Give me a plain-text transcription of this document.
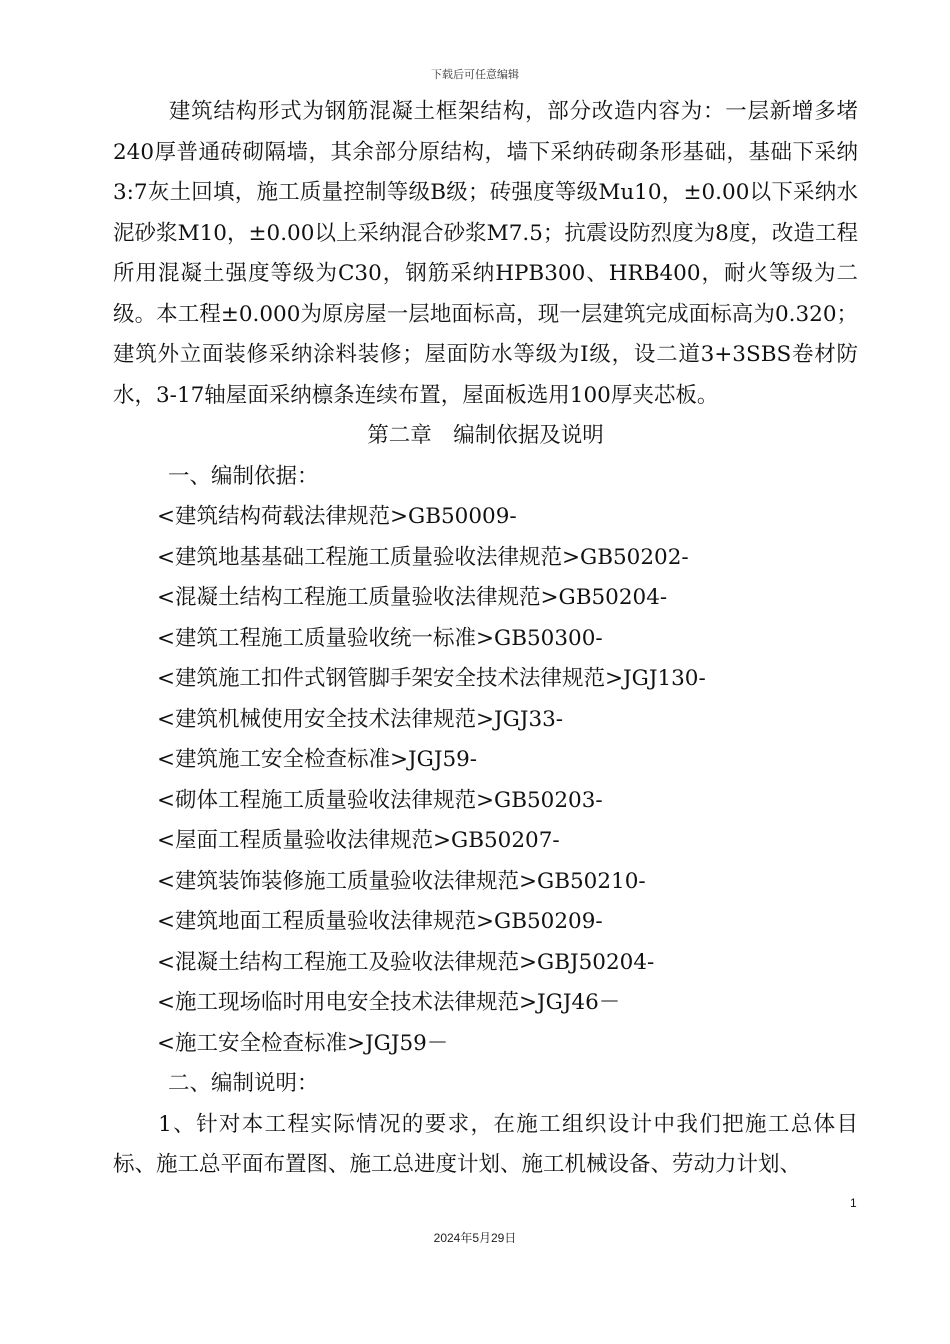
下载后可任意编辑

建筑结构形式为钢筋混凝土框架结构，部分改造内容为：一层新增多堵240厚普通砖砌隔墙，其余部分原结构，墙下采纳砖砌条形基础，基础下采纳3:7灰土回填，施工质量控制等级B级；砖强度等级Mu10，±0.00以下采纳水泥砂浆M10，±0.00以上采纳混合砂浆M7.5；抗震设防烈度为8度，改造工程所用混凝土强度等级为C30，钢筋采纳HPB300、HRB400，耐火等级为二级。本工程±0.000为原房屋一层地面标高，现一层建筑完成面标高为0.320；建筑外立面装修采纳涂料装修；屋面防水等级为Ⅰ级，设二道3+3SBS卷材防水，3-17轴屋面采纳檩条连续布置，屋面板选用100厚夹芯板。

第二章　编制依据及说明

一、编制依据：

<建筑结构荷载法律规范>GB50009-
<建筑地基基础工程施工质量验收法律规范>GB50202-
<混凝土结构工程施工质量验收法律规范>GB50204-
<建筑工程施工质量验收统一标准>GB50300-
<建筑施工扣件式钢管脚手架安全技术法律规范>JGJ130-
<建筑机械使用安全技术法律规范>JGJ33-
<建筑施工安全检查标准>JGJ59-
<砌体工程施工质量验收法律规范>GB50203-
<屋面工程质量验收法律规范>GB50207-
<建筑装饰装修施工质量验收法律规范>GB50210-
<建筑地面工程质量验收法律规范>GB50209-
<混凝土结构工程施工及验收法律规范>GBJ50204-
<施工现场临时用电安全技术法律规范>JGJ46－
<施工安全检查标准>JGJ59－

二、编制说明：

1、针对本工程实际情况的要求，在施工组织设计中我们把施工总体目标、施工总平面布置图、施工总进度计划、施工机械设备、劳动力计划、

1
2024年5月29日
